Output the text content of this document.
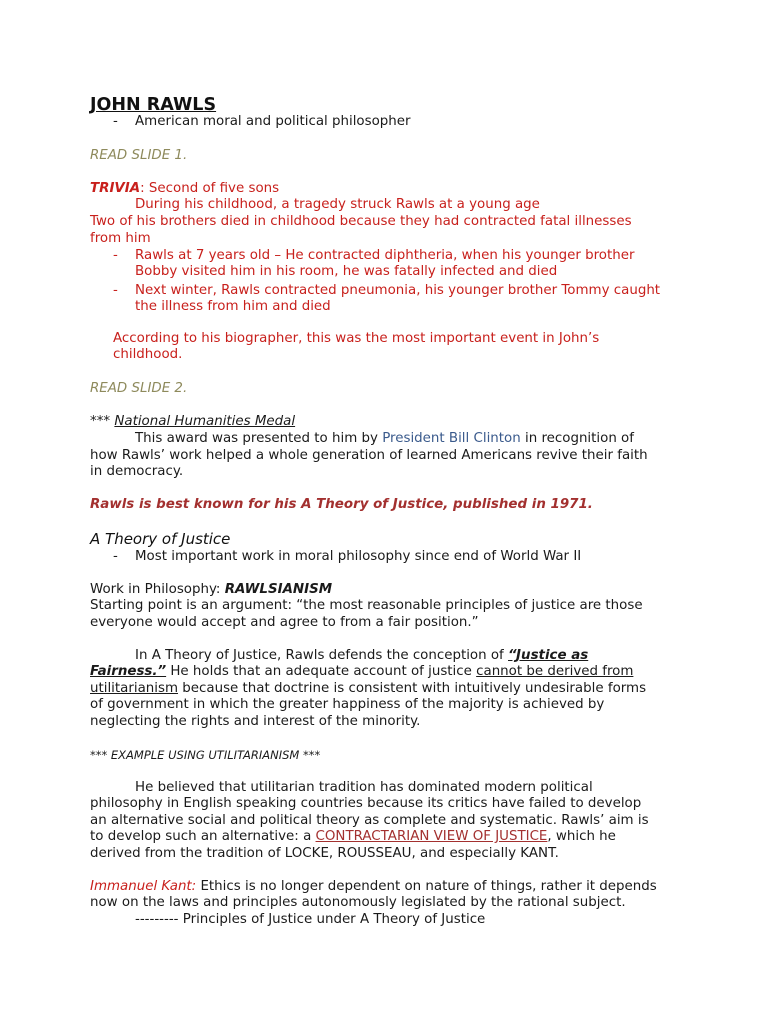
JOHN RAWLS
- American moral and political philosopher
READ SLIDE 1.
TRIVIA: Second of five sons
During his childhood, a tragedy struck Rawls at a young age
Two of his brothers died in childhood because they had contracted fatal illnesses
from him
- Rawls at 7 years old – He contracted diphtheria, when his younger brother
Bobby visited him in his room, he was fatally infected and died
- Next winter, Rawls contracted pneumonia, his younger brother Tommy caught
the illness from him and died
According to his biographer, this was the most important event in John’s
childhood.
READ SLIDE 2.
*** National Humanities Medal
This award was presented to him by President Bill Clinton in recognition of
how Rawls’ work helped a whole generation of learned Americans revive their faith
in democracy.
Rawls is best known for his A Theory of Justice, published in 1971.
A Theory of Justice
- Most important work in moral philosophy since end of World War II
Work in Philosophy: RAWLSIANISM
Starting point is an argument: “the most reasonable principles of justice are those
everyone would accept and agree to from a fair position.”
In A Theory of Justice, Rawls defends the conception of “Justice as
Fairness.” He holds that an adequate account of justice cannot be derived from
utilitarianism because that doctrine is consistent with intuitively undesirable forms
of government in which the greater happiness of the majority is achieved by
neglecting the rights and interest of the minority.
*** EXAMPLE USING UTILITARIANISM ***
He believed that utilitarian tradition has dominated modern political
philosophy in English speaking countries because its critics have failed to develop
an alternative social and political theory as complete and systematic. Rawls’ aim is
to develop such an alternative: a CONTRACTARIAN VIEW OF JUSTICE, which he
derived from the tradition of LOCKE, ROUSSEAU, and especially KANT.
Immanuel Kant: Ethics is no longer dependent on nature of things, rather it depends
now on the laws and principles autonomously legislated by the rational subject.
--------- Principles of Justice under A Theory of Justice
